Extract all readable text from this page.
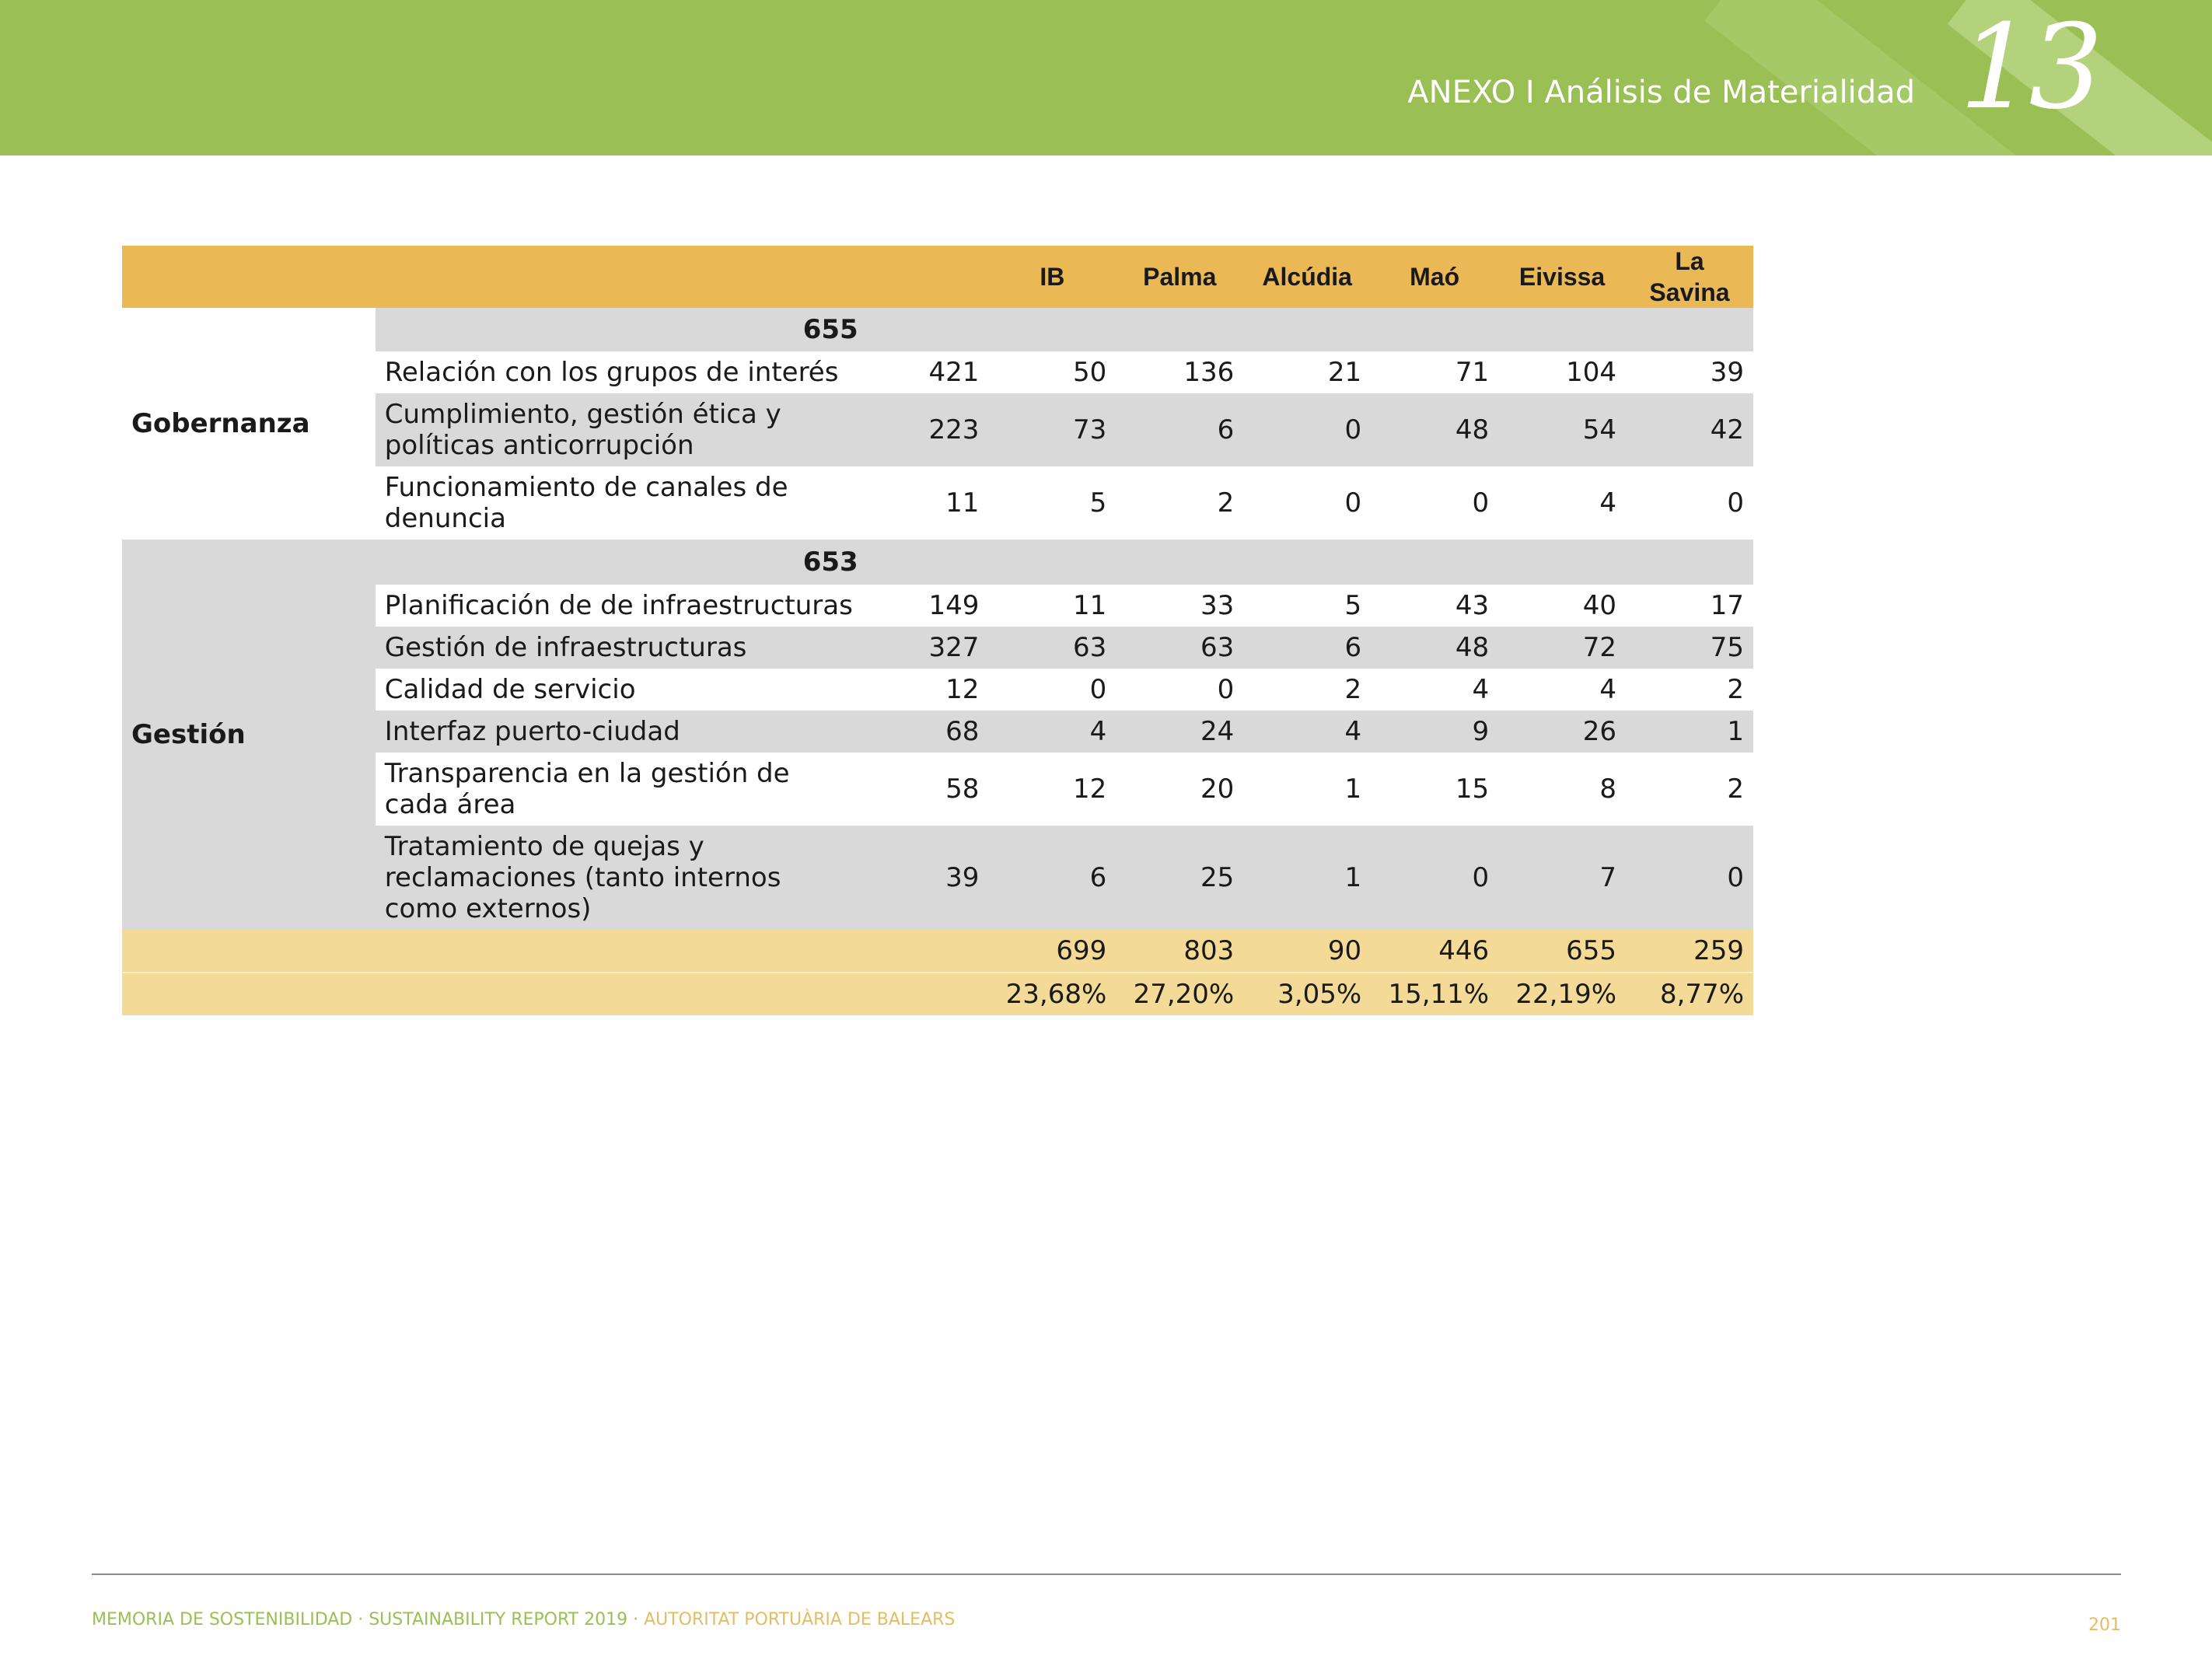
ANEXO I Análisis de Materialidad 13
			IB	Palma	Alcúdia	Maó	Eivissa	La Savina
Gobernanza	655							
	Relación con los grupos de interés	421	50	136	21	71	104	39
	Cumplimiento, gestión ética y políticas anticorrupción	223	73	6	0	48	54	42
	Funcionamiento de canales de denuncia	11	5	2	0	0	4	0
Gestión	653							
	Planificación de de infraestructuras	149	11	33	5	43	40	17
	Gestión de infraestructuras	327	63	63	6	48	72	75
	Calidad de servicio	12	0	0	2	4	4	2
	Interfaz puerto-ciudad	68	4	24	4	9	26	1
	Transparencia en la gestión de cada área	58	12	20	1	15	8	2
	Tratamiento de quejas y reclamaciones (tanto internos como externos)	39	6	25	1	0	7	0
			699	803	90	446	655	259
			23,68%	27,20%	3,05%	15,11%	22,19%	8,77%
MEMORIA DE SOSTENIBILIDAD · SUSTAINABILITY REPORT 2019 · AUTORITAT PORTUÀRIA DE BALEARS	201
